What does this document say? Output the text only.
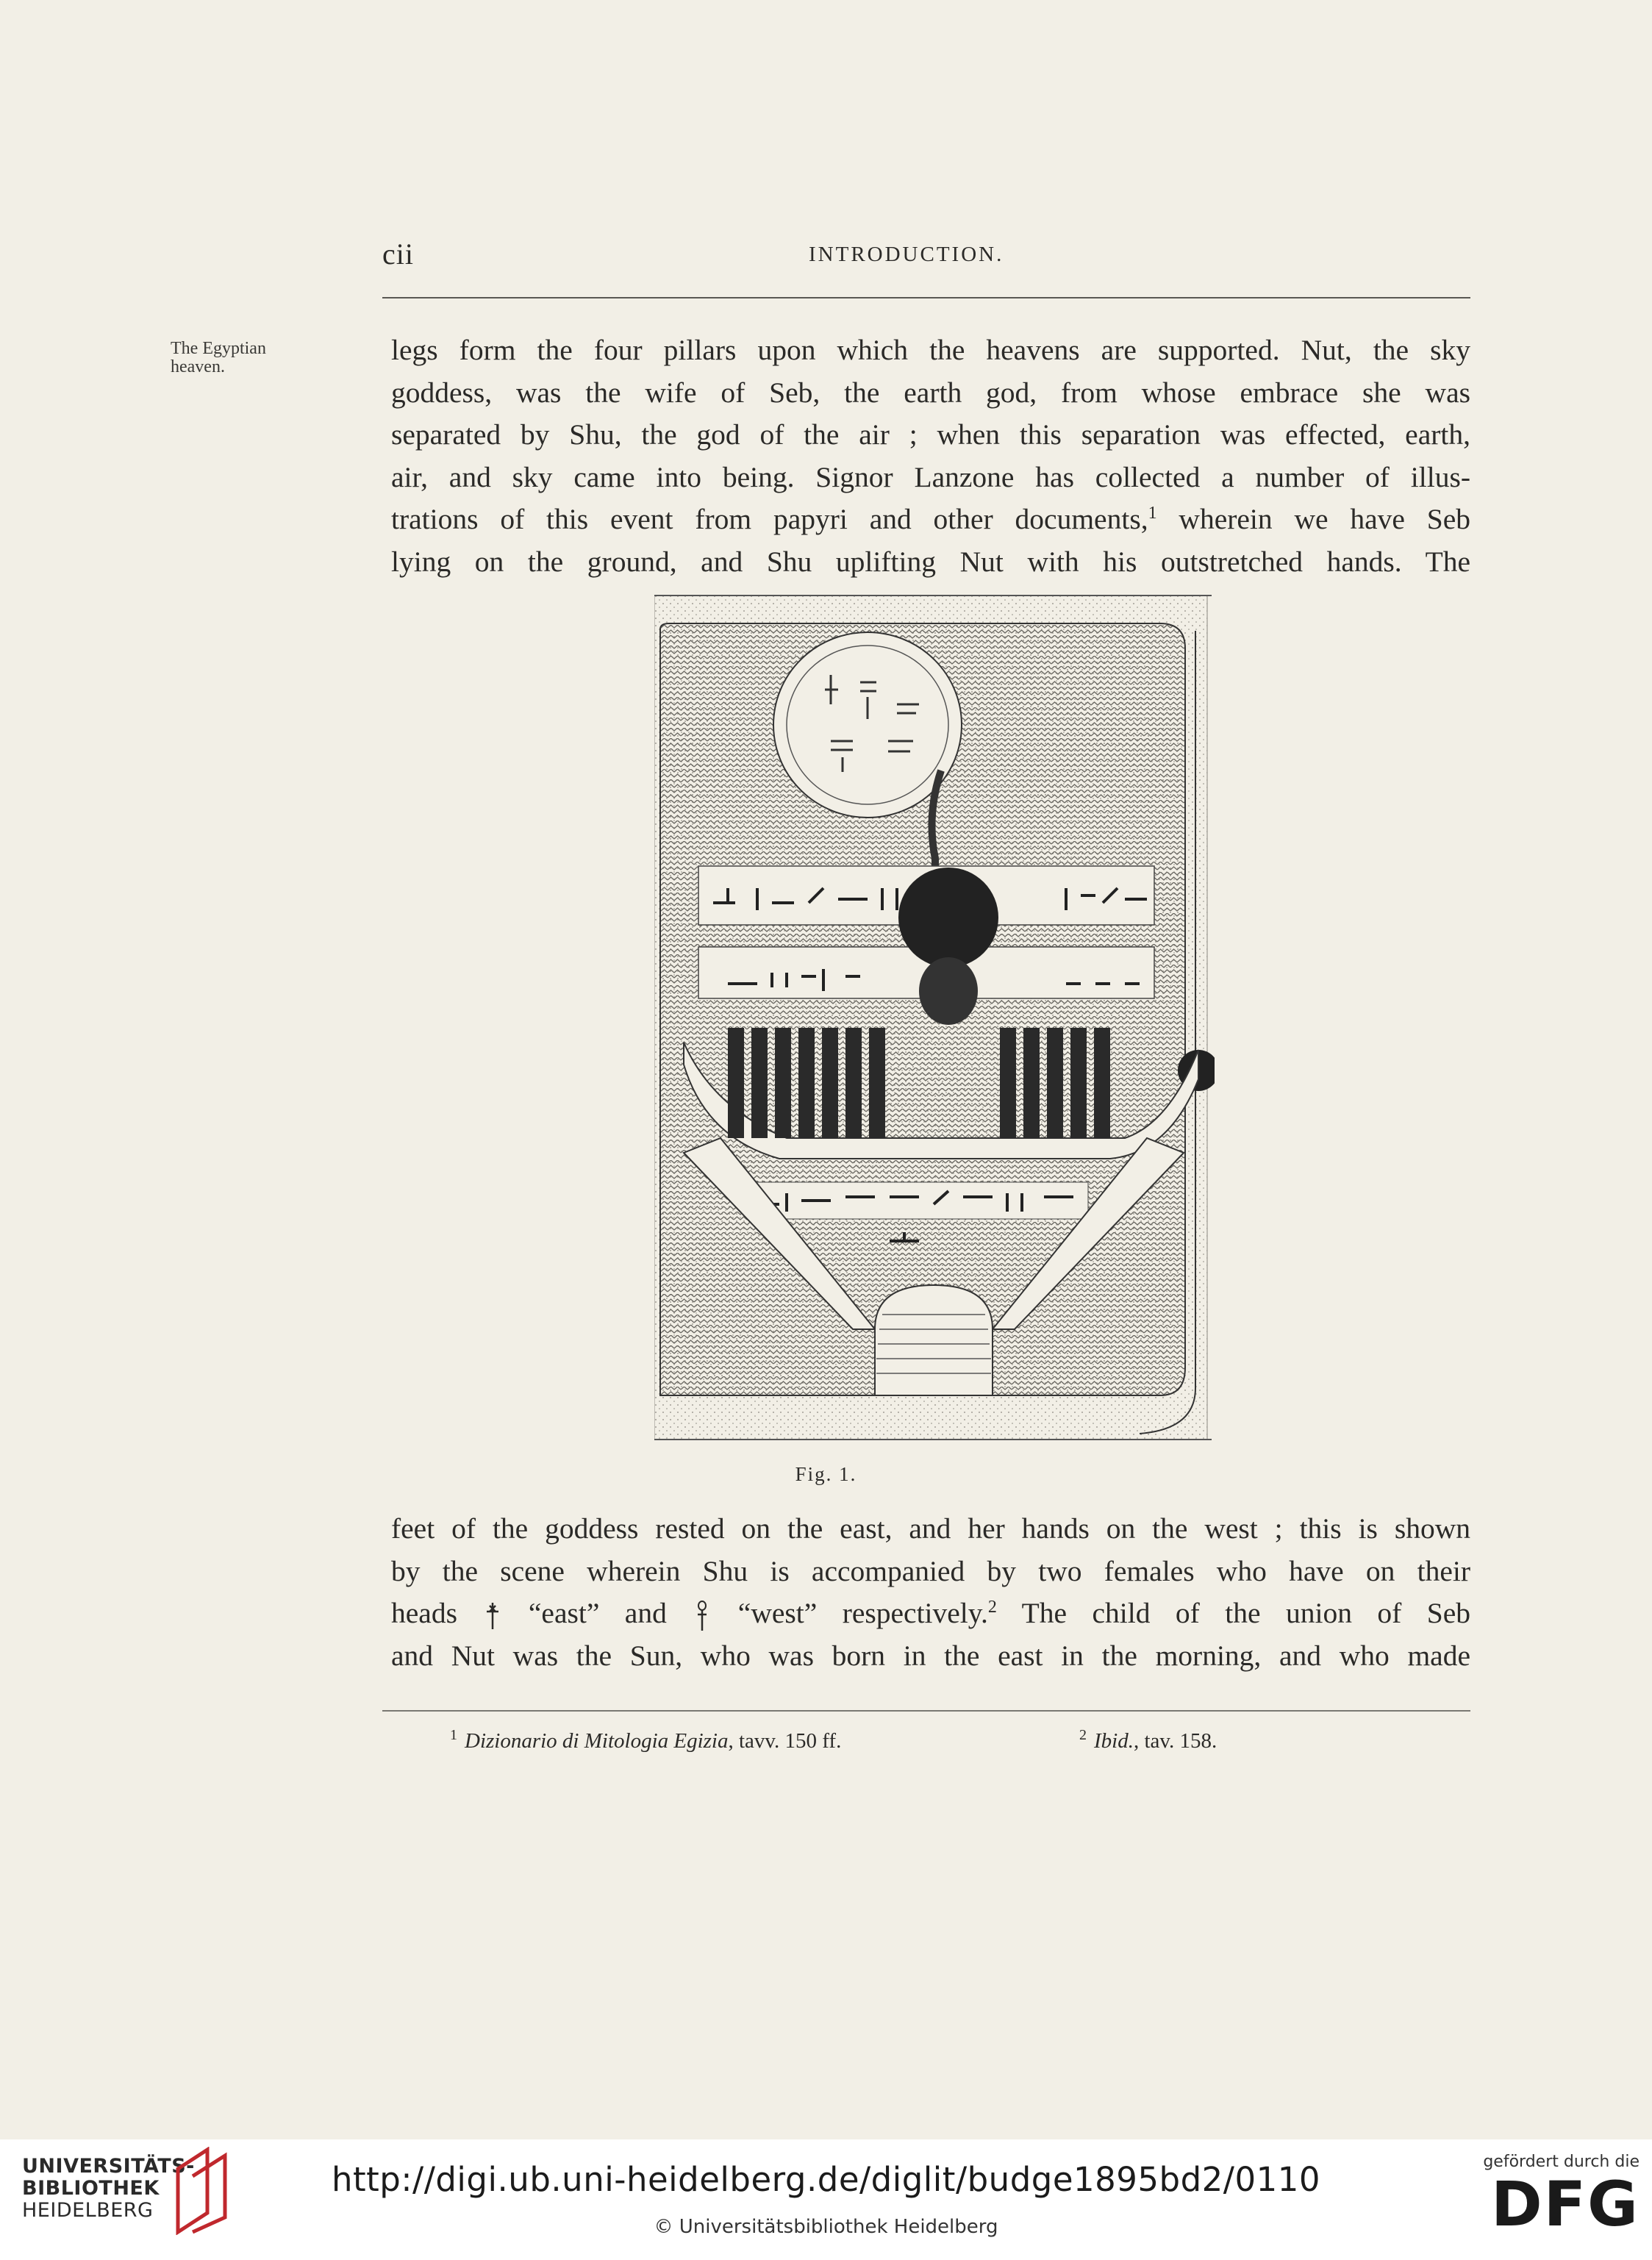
cii	INTRODUCTION.
The Egyptian
heaven.
legs form the four pillars upon which the heavens are supported. Nut, the sky
goddess, was the wife of Seb, the earth god, from whose embrace she was
separated by Shu, the god of the air ; when this separation was effected, earth,
air, and sky came into being. Signor Lanzone has collected a number of illus-
trations of this event from papyri and other documents,$^1$ wherein we have Seb
lying on the ground, and Shu uplifting Nut with his outstretched hands. The
Fig. 1.
feet of the goddess rested on the east, and her hands on the west ; this is shown
by the scene wherein Shu is accompanied by two females who have on their
heads “east” and “west” respectively.$^2$ The child of the union of Seb
and Nut was the Sun, who was born in the east in the morning, and who made
$^1$ Dizionario di Mitologia Egizia, tavv. 150 ff.	$^2$ Ibid., tav. 158.
UNIVERSITÄTS-
BIBLIOTHEK
HEIDELBERG
http://digi.ub.uni-heidelberg.de/diglit/budge1895bd2/0110
© Universitätsbibliothek Heidelberg
gefördert durch die
DFG
